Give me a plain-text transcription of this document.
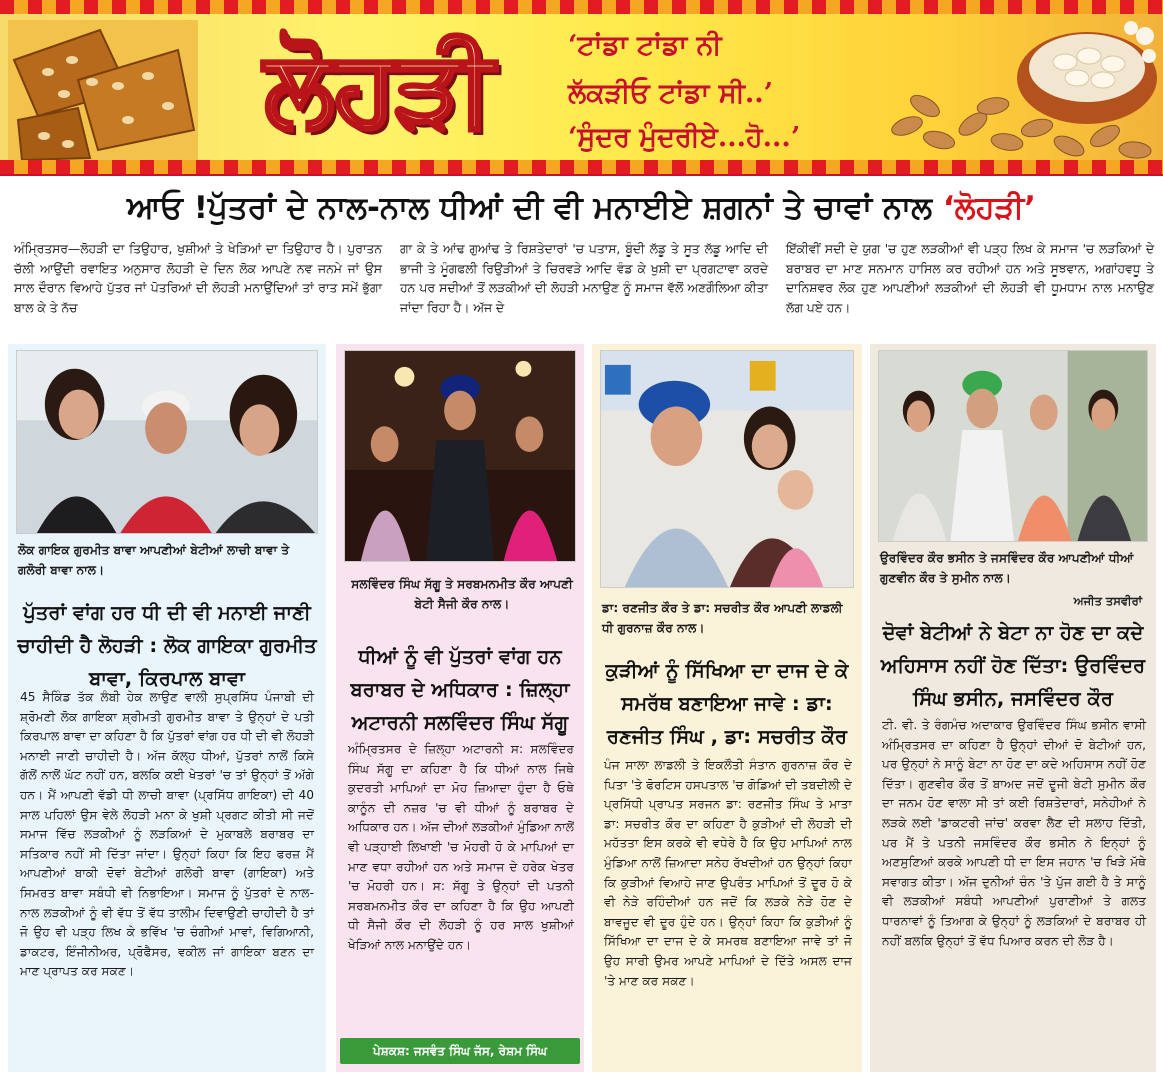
ਲੋਹੜੀ	‘ਟਾਂਡਾ ਟਾਂਡਾ ਨੀ
ਲੱਕੜੀਓ ਟਾਂਡਾ ਸੀ..’
‘ਸੁੰਦਰ ਮੁੰਦਰੀਏ...ਹੋ...’
ਆਓ !ਪੁੱਤਰਾਂ ਦੇ ਨਾਲ-ਨਾਲ ਧੀਆਂ ਦੀ ਵੀ ਮਨਾਈਏ ਸ਼ਗਨਾਂ ਤੇ ਚਾਵਾਂ ਨਾਲ ‘ਲੋਹੜੀ’

ਅੰਮ੍ਰਿਤਸਰ—ਲੋਹੜੀ ਦਾ ਤਿਉਹਾਰ, ਖੁਸ਼ੀਆਂ ਤੇ ਖੇੜਿਆਂ ਦਾ ਤਿਉਹਾਰ ਹੈ। ਪੁਰਾਤਨ ਚੱਲੀ ਆਉਂਦੀ ਰਵਾਇਤ ਅਨੁਸਾਰ ਲੋਹੜੀ ਦੇ ਦਿਨ ਲੋਕ ਆਪਣੇ ਨਵ ਜਨਮੇ ਜਾਂ ਉਸ ਸਾਲ ਦੌਰਾਨ ਵਿਆਹੇ ਪੁੱਤਰ ਜਾਂ ਪੋਤਰਿਆਂ ਦੀ ਲੋਹੜੀ ਮਨਾਉਂਦਿਆਂ ਤਾਂ ਰਾਤ ਸਮੇਂ ਭੁੱਗਾ ਬਾਲ ਕੇ ਤੇ ਨੱਚ

ਗਾ ਕੇ ਤੇ ਆਂਢ ਗੁਆਂਢ ਤੇ ਰਿਸ਼ਤੇਦਾਰਾਂ 'ਚ ਪਤਾਸ, ਬੂੰਦੀ ਲੱਡੂ ਤੇ ਸੂਤ ਲੱਡੂ ਆਦਿ ਦੀ ਭਾਜੀ ਤੇ ਮੂੰਗਫਲੀ ਰਿਉੜੀਆਂ ਤੇ ਚਿਰਵੜੇ ਆਦਿ ਵੰਡ ਕੇ ਖੁਸ਼ੀ ਦਾ ਪ੍ਰਗਟਾਵਾ ਕਰਦੇ ਹਨ ਪਰ ਸਦੀਆਂ ਤੋਂ ਲੜਕੀਆਂ ਦੀ ਲੋਹੜੀ ਮਨਾਉਣ ਨੂੰ ਸਮਾਜ ਵੱਲੋਂ ਅਣਗੌਲਿਆ ਕੀਤਾ ਜਾਂਦਾ ਰਿਹਾ ਹੈ। ਅੱਜ ਦੇ

ਇੱਕੀਵੀਂ ਸਦੀ ਦੇ ਯੁਗ 'ਚ ਹੁਣ ਲੜਕੀਆਂ ਵੀ ਪੜ੍ਹ ਲਿਖ ਕੇ ਸਮਾਜ 'ਚ ਲੜਕਿਆਂ ਦੇ ਬਰਾਬਰ ਦਾ ਮਾਣ ਸਨਮਾਨ ਹਾਸਿਲ ਕਰ ਰਹੀਆਂ ਹਨ ਅਤੇ ਸੂਝਵਾਨ, ਅਗਾਂਹਵਧੂ ਤੇ ਦਾਨਿਸ਼ਵਰ ਲੋਕ ਹੁਣ ਆਪਣੀਆਂ ਲੜਕੀਆਂ ਦੀ ਲੋਹੜੀ ਵੀ ਧੂਮਧਾਮ ਨਾਲ ਮਨਾਉਣ ਲੱਗ ਪਏ ਹਨ।

ਲੋਕ ਗਾਇਕ ਗੁਰਮੀਤ ਬਾਵਾ ਆਪਣੀਆਂ ਬੇਟੀਆਂ ਲਾਚੀ ਬਾਵਾ ਤੇ ਗਲੋਰੀ ਬਾਵਾ ਨਾਲ।
ਪੁੱਤਰਾਂ ਵਾਂਗ ਹਰ ਧੀ ਦੀ ਵੀ ਮਨਾਈ ਜਾਣੀ ਚਾਹੀਦੀ ਹੈ ਲੋਹੜੀ : ਲੋਕ ਗਾਇਕਾ ਗੁਰਮੀਤ ਬਾਵਾ, ਕਿਰਪਾਲ ਬਾਵਾ
45 ਸੈਕਿੰਡ ਤੱਕ ਲੰਬੀ ਹੇਕ ਲਾਉਣ ਵਾਲੀ ਸੁਪ੍ਰਸਿੱਧ ਪੰਜਾਬੀ ਦੀ ਸ਼੍ਰੋਮਣੀ ਲੋਕ ਗਾਇਕਾ ਸ਼੍ਰੀਮਤੀ ਗੁਰਮੀਤ ਬਾਵਾ ਤੇ ਉਨ੍ਹਾਂ ਦੇ ਪਤੀ ਕਿਰਪਾਲ ਬਾਵਾ ਦਾ ਕਹਿਣਾ ਹੈ ਕਿ ਪੁੱਤਰਾਂ ਵਾਂਗ ਹਰ ਧੀ ਦੀ ਵੀ ਲੋਹੜੀ ਮਨਾਈ ਜਾਣੀ ਚਾਹੀਦੀ ਹੈ। ਅੱਜ ਕੱਲ੍ਹ ਧੀਆਂ, ਪੁੱਤਰਾਂ ਨਾਲੋਂ ਕਿਸੇ ਗੱਲੋਂ ਨਾਲੋਂ ਘੱਟ ਨਹੀਂ ਹਨ, ਬਲਕਿ ਕਈ ਖੇਤਰਾਂ 'ਚ ਤਾਂ ਉਨ੍ਹਾਂ ਤੋਂ ਅੱਗੇ ਹਨ। ਮੈਂ ਆਪਣੀ ਵੱਡੀ ਧੀ ਲਾਚੀ ਬਾਵਾ (ਪ੍ਰਸਿੱਧ ਗਾਇਕਾ) ਦੀ 40 ਸਾਲ ਪਹਿਲਾਂ ਉਸ ਵੇਲੇ ਲੋਹੜੀ ਮਨਾ ਕੇ ਖੁਸ਼ੀ ਪ੍ਰਗਟ ਕੀਤੀ ਸੀ ਜਦੋਂ ਸਮਾਜ ਵਿੱਚ ਲੜਕੀਆਂ ਨੂੰ ਲੜਕਿਆਂ ਦੇ ਮੁਕਾਬਲੇ ਬਰਾਬਰ ਦਾ ਸਤਿਕਾਰ ਨਹੀਂ ਸੀ ਦਿੱਤਾ ਜਾਂਦਾ। ਉਨ੍ਹਾਂ ਕਿਹਾ ਕਿ ਇਹ ਫਰਜ਼ ਮੈਂ ਆਪਣੀਆਂ ਬਾਕੀ ਦੋਵਾਂ ਬੇਟੀਆਂ ਗਲੋਰੀ ਬਾਵਾ (ਗਾਇਕਾ) ਅਤੇ ਸਿਮਰਤ ਬਾਵਾ ਸਬੰਧੀ ਵੀ ਨਿਭਾਇਆ। ਸਮਾਜ ਨੂੰ ਪੁੱਤਰਾਂ ਦੇ ਨਾਲ-ਨਾਲ ਲੜਕੀਆਂ ਨੂੰ ਵੀ ਵੱਧ ਤੋਂ ਵੱਧ ਤਾਲੀਮ ਦਿਵਾਉਣੀ ਚਾਹੀਦੀ ਹੈ ਤਾਂ ਜੋ ਉਹ ਵੀ ਪੜ੍ਹ ਲਿਖ ਕੇ ਭਵਿੱਖ 'ਚ ਚੰਗੀਆਂ ਮਾਵਾਂ, ਵਿਗਿਆਨੀ, ਡਾਕਟਰ, ਇੰਜੀਨੀਅਰ, ਪ੍ਰੋਫੈਸਰ, ਵਕੀਲ ਜਾਂ ਗਾਇਕਾ ਬਣਨ ਦਾ ਮਾਣ ਪ੍ਰਾਪਤ ਕਰ ਸਕਣ।
ਸਲਵਿੰਦਰ ਸਿੰਘ ਸੱਗੂ ਤੇ ਸਰਬਮਨਮੀਤ ਕੌਰ ਆਪਣੀ ਬੇਟੀ ਸੈਜੀ ਕੌਰ ਨਾਲ।
ਧੀਆਂ ਨੂੰ ਵੀ ਪੁੱਤਰਾਂ ਵਾਂਗ ਹਨ ਬਰਾਬਰ ਦੇ ਅਧਿਕਾਰ : ਜ਼ਿਲ੍ਹਾ ਅਟਾਰਨੀ ਸਲਵਿੰਦਰ ਸਿੰਘ ਸੱਗੂ
ਅੰਮ੍ਰਿਤਸਰ ਦੇ ਜ਼ਿਲ੍ਹਾ ਅਟਾਰਨੀ ਸ: ਸਲਵਿੰਦਰ ਸਿੰਘ ਸੱਗੂ ਦਾ ਕਹਿਣਾ ਹੈ ਕਿ ਧੀਆਂ ਨਾਲ ਜਿਥੇ ਕੁਦਰਤੀ ਮਾਪਿਆਂ ਦਾ ਮੋਹ ਜ਼ਿਆਦਾ ਹੁੰਦਾ ਹੈ ਓਥੇ ਕਾਨੂੰਨ ਦੀ ਨਜ਼ਰ 'ਚ ਵੀ ਧੀਆਂ ਨੂੰ ਬਰਾਬਰ ਦੇ ਅਧਿਕਾਰ ਹਨ। ਅੱਜ ਦੀਆਂ ਲੜਕੀਆਂ ਮੁੰਡਿਆ ਨਾਲੋਂ ਵੀ ਪੜ੍ਹਾਈ ਲਿਖਾਈ 'ਚ ਮੋਹਰੀ ਹੋ ਕੇ ਮਾਪਿਆਂ ਦਾ ਮਾਣ ਵਧਾ ਰਹੀਆਂ ਹਨ ਅਤੇ ਸਮਾਜ ਦੇ ਹਰੇਕ ਖੇਤਰ 'ਚ ਮੋਹਰੀ ਹਨ। ਸ: ਸੱਗੂ ਤੇ ਉਨ੍ਹਾਂ ਦੀ ਪਤਨੀ ਸਰਬਮਨਮੀਤ ਕੌਰ ਦਾ ਕਹਿਣਾ ਹੈ ਕਿ ਉਹ ਆਪਣੀ ਧੀ ਸੈਜੀ ਕੌਰ ਦੀ ਲੋਹੜੀ ਨੂੰ ਹਰ ਸਾਲ ਖੁਸ਼ੀਆਂ ਖੇੜਿਆਂ ਨਾਲ ਮਨਾਉਂਦੇ ਹਨ।
ਪੇਸ਼ਕਸ਼: ਜਸਵੰਤ ਸਿੰਘ ਜੱਸ, ਰੇਸ਼ਮ ਸਿੰਘ
ਡਾ: ਰਣਜੀਤ ਕੌਰ ਤੇ ਡਾ: ਸਚਰੀਤ ਕੌਰ ਆਪਣੀ ਲਾਡਲੀ ਧੀ ਗੁਰਨਾਜ਼ ਕੌਰ ਨਾਲ।
ਕੁੜੀਆਂ ਨੂੰ ਸਿੱਖਿਆ ਦਾ ਦਾਜ ਦੇ ਕੇ ਸਮਰੱਥ ਬਣਾਇਆ ਜਾਵੇ : ਡਾ: ਰਣਜੀਤ ਸਿੰਘ , ਡਾ: ਸਚਰੀਤ ਕੌਰ
ਪੰਜ ਸਾਲਾ ਲਾਡਲੀ ਤੇ ਇਕਲੌਤੀ ਸੰਤਾਨ ਗੁਰਨਾਜ਼ ਕੌਰ ਦੇ ਪਿਤਾ 'ਤੇ ਫੋਰਟਿਸ ਹਸਪਤਾਲ 'ਚ ਗੋਡਿਆਂ ਦੀ ਤਬਦੀਲੀ ਦੇ ਪ੍ਰਸਿੱਧੀ ਪ੍ਰਾਪਤ ਸਰਜਨ ਡਾ: ਰਣਜੀਤ ਸਿੰਘ ਤੇ ਮਾਤਾ ਡਾ: ਸਚਰੀਤ ਕੌਰ ਦਾ ਕਹਿਣਾ ਹੈ ਕੁੜੀਆਂ ਦੀ ਲੋਹੜੀ ਦੀ ਮਹੱਤਤਾ ਇਸ ਕਰਕੇ ਵੀ ਵਧੇਰੇ ਹੈ ਕਿ ਉਹ ਮਾਪਿਆਂ ਨਾਲ ਮੁੰਡਿਆ ਨਾਲੋਂ ਜ਼ਿਆਦਾ ਸਨੇਹ ਰੱਖਦੀਆਂ ਹਨ ਉਨ੍ਹਾਂ ਕਿਹਾ ਕਿ ਕੁੜੀਆਂ ਵਿਆਹੇ ਜਾਣ ਉਪਰੰਤ ਮਾਪਿਆਂ ਤੋਂ ਦੂਰ ਹੋ ਕੇ ਵੀ ਨੇੜੇ ਰਹਿੰਦੀਆਂ ਹਨ ਜਦੋਂ ਕਿ ਲੜਕੇ ਨੇੜੇ ਹੋਣ ਦੇ ਬਾਵਜੂਦ ਵੀ ਦੂਰ ਹੁੰਦੇ ਹਨ। ਉਨ੍ਹਾਂ ਕਿਹਾ ਕਿ ਕੁੜੀਆਂ ਨੂੰ ਸਿੱਖਿਆ ਦਾ ਦਾਜ ਦੇ ਕੇ ਸਮਰਥ ਬਣਾਇਆ ਜਾਵੇ ਤਾਂ ਜੋ ਉਹ ਸਾਰੀ ਉਮਰ ਆਪਣੇ ਮਾਪਿਆਂ ਦੇ ਦਿੱਤੇ ਅਸਲ ਦਾਜ 'ਤੇ ਮਾਣ ਕਰ ਸਕਣ।
ਉਰਵਿੰਦਰ ਕੌਰ ਭਸੀਨ ਤੇ ਜਸਵਿੰਦਰ ਕੌਰ ਆਪਣੀਆਂ ਧੀਆਂ ਗੁਣਵੀਨ ਕੌਰ ਤੇ ਸੁਮੀਨ ਨਾਲ।
ਅਜੀਤ ਤਸਵੀਰਾਂ
ਦੋਵਾਂ ਬੇਟੀਆਂ ਨੇ ਬੇਟਾ ਨਾ ਹੋਣ ਦਾ ਕਦੇ ਅਹਿਸਾਸ ਨਹੀਂ ਹੋਣ ਦਿੱਤਾ: ਉਰਵਿੰਦਰ ਸਿੰਘ ਭਸੀਨ, ਜਸਵਿੰਦਰ ਕੌਰ
ਟੀ. ਵੀ. ਤੇ ਰੰਗਮੰਚ ਅਦਾਕਾਰ ਉਰਵਿੰਦਰ ਸਿੰਘ ਭਸੀਨ ਵਾਸੀ ਅੰਮ੍ਰਿਤਸਰ ਦਾ ਕਹਿਣਾ ਹੈ ਉਨ੍ਹਾਂ ਦੀਆਂ ਦੋ ਬੇਟੀਆਂ ਹਨ, ਪਰ ਉਨ੍ਹਾਂ ਨੇ ਸਾਨੂੰ ਬੇਟਾ ਨਾ ਹੋਣ ਦਾ ਕਦੇ ਅਹਿਸਾਸ ਨਹੀਂ ਹੋਣ ਦਿੱਤਾ। ਗੁਣਵੀਰ ਕੌਰ ਤੋਂ ਬਾਅਦ ਜਦੋਂ ਦੂਜੀ ਬੇਟੀ ਸੁਮੀਨ ਕੌਰ ਦਾ ਜਨਮ ਹੋਣ ਵਾਲਾ ਸੀ ਤਾਂ ਕਈ ਰਿਸ਼ਤੇਦਾਰਾਂ, ਸਨੇਹੀਆਂ ਨੇ ਲੜਕੇ ਲਈ 'ਡਾਕਟਰੀ ਜਾਂਚ' ਕਰਵਾ ਲੈਣ ਦੀ ਸਲਾਹ ਦਿੱਤੀ, ਪਰ ਮੈਂ ਤੇ ਪਤਨੀ ਜਸਵਿੰਦਰ ਕੌਰ ਭਸੀਨ ਨੇ ਇਨ੍ਹਾਂ ਨੂੰ ਅਣਸੁਣਿਆਂ ਕਰਕੇ ਆਪਣੀ ਧੀ ਦਾ ਇਸ ਜਹਾਨ 'ਚ ਖਿੜੇ ਮੱਥੇ ਸਵਾਗਤ ਕੀਤਾ। ਅੱਜ ਦੁਨੀਆਂ ਚੰਨ 'ਤੇ ਪੁੱਜ ਗਈ ਹੈ ਤੇ ਸਾਨੂੰ ਵੀ ਲੜਕੀਆਂ ਸਬੰਧੀ ਆਪਣੀਆਂ ਪੁਰਾਣੀਆਂ ਤੇ ਗਲਤ ਧਾਰਨਾਵਾਂ ਨੂੰ ਤਿਆਗ ਕੇ ਉਨ੍ਹਾਂ ਨੂੰ ਲੜਕਿਆਂ ਦੇ ਬਰਾਬਰ ਹੀ ਨਹੀਂ ਬਲਕਿ ਉਨ੍ਹਾਂ ਤੋਂ ਵੱਧ ਪਿਆਰ ਕਰਨ ਦੀ ਲੋੜ ਹੈ।
